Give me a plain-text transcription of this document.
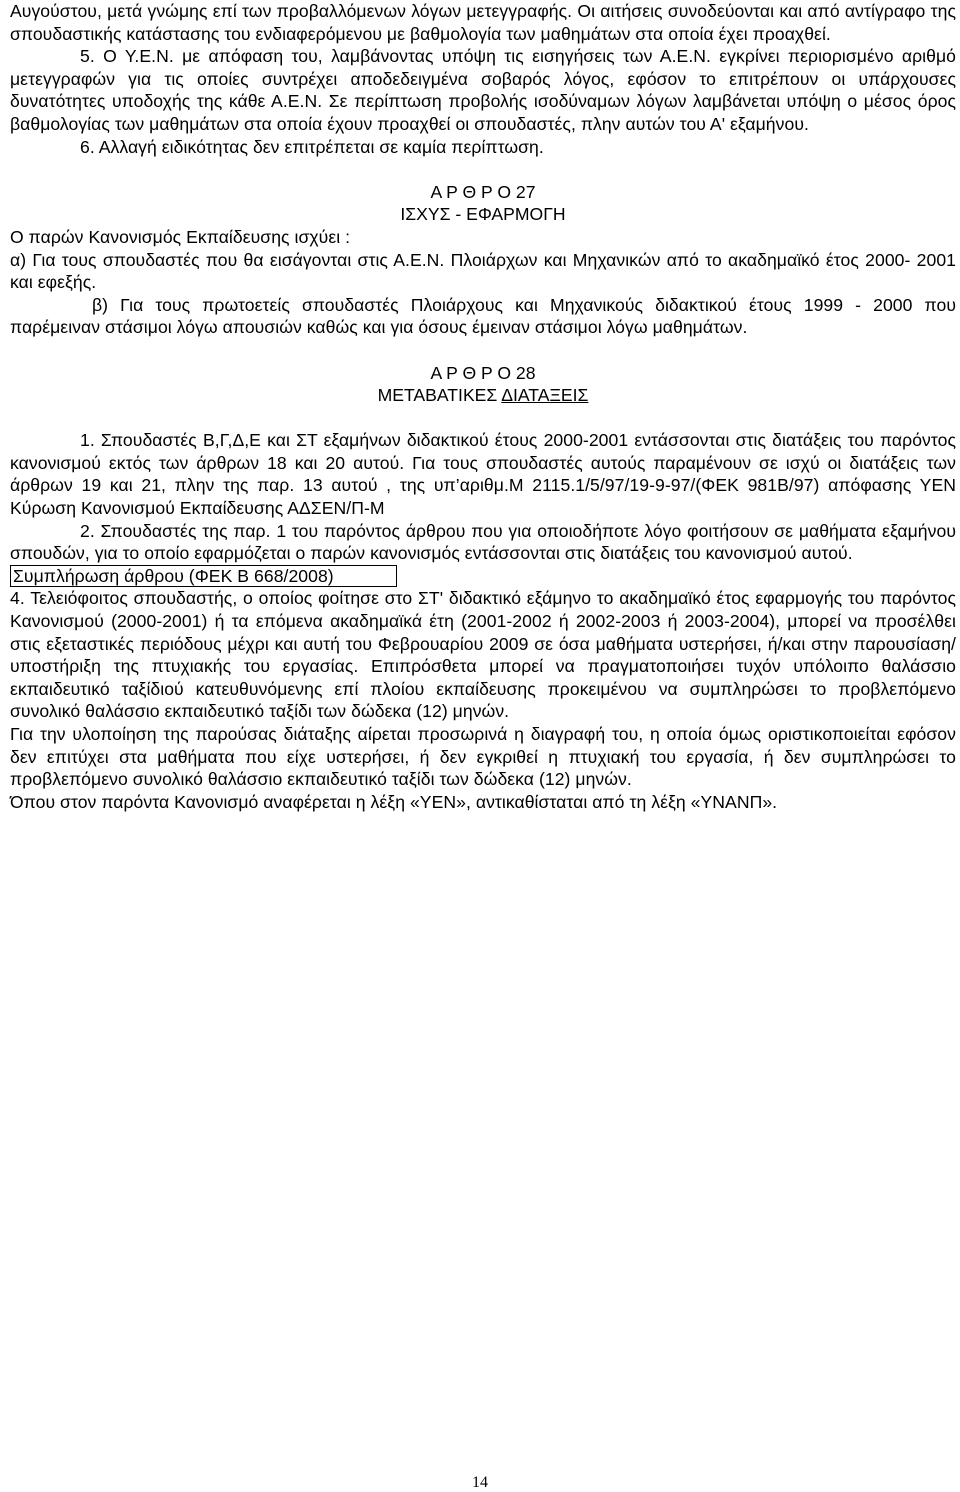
Αυγούστου, μετά γνώμης επί των προβαλλόμενων λόγων μετεγγραφής. Οι αιτήσεις συνοδεύονται και από αντίγραφο της σπουδαστικής κατάστασης του ενδιαφερόμενου με βαθμολογία των μαθημάτων στα οποία έχει προαχθεί.

5. Ο Υ.Ε.Ν. με απόφαση του, λαμβάνοντας υπόψη τις εισηγήσεις των Α.Ε.Ν. εγκρίνει περιορισμένο αριθμό μετεγγραφών για τις οποίες συντρέχει αποδεδειγμένα σοβαρός λόγος, εφόσον το επιτρέπουν οι υπάρχουσες δυνατότητες υποδοχής της κάθε Α.Ε.Ν. Σε περίπτωση προβολής ισοδύναμων λόγων λαμβάνεται υπόψη ο μέσος όρος βαθμολογίας των μαθημάτων στα οποία έχουν προαχθεί οι σπουδαστές, πλην αυτών του Α' εξαμήνου.

6. Αλλαγή ειδικότητας δεν επιτρέπεται σε καμία περίπτωση.

Α Ρ Θ Ρ Ο 27

ΙΣΧΥΣ - ΕΦΑΡΜΟΓΗ

Ο παρών Κανονισμός Εκπαίδευσης ισχύει :

α) Για τους σπουδαστές που θα εισάγονται στις Α.Ε.Ν. Πλοιάρχων και Μηχανικών από το ακαδημαϊκό έτος 2000- 2001 και εφεξής.

β) Για τους πρωτοετείς σπουδαστές Πλοιάρχους και Μηχανικούς διδακτικού έτους 1999 - 2000 που παρέμειναν στάσιμοι λόγω απουσιών καθώς και για όσους έμειναν στάσιμοι λόγω μαθημάτων.

Α Ρ Θ Ρ Ο 28

ΜΕΤΑΒΑΤΙΚΕΣ ΔΙΑΤΑΞΕΙΣ

1. Σπουδαστές Β,Γ,Δ,Ε και ΣΤ εξαμήνων διδακτικού έτους 2000-2001 εντάσσονται στις διατάξεις του παρόντος κανονισμού εκτός των άρθρων 18 και 20 αυτού. Για τους σπουδαστές αυτούς παραμένουν σε ισχύ οι διατάξεις των άρθρων 19 και 21, πλην της παρ. 13 αυτού , της υπ’αριθμ.Μ 2115.1/5/97/19-9-97/(ΦΕΚ 981Β/97) απόφασης ΥΕΝ Κύρωση Κανονισμού Εκπαίδευσης ΑΔΣΕΝ/Π-Μ

2. Σπουδαστές της παρ. 1 του παρόντος άρθρου που για οποιοδήποτε λόγο φοιτήσουν σε μαθήματα εξαμήνου σπουδών, για το οποίο εφαρμόζεται ο παρών κανονισμός εντάσσονται στις διατάξεις του κανονισμού αυτού.

Συμπλήρωση άρθρου (ΦΕΚ Β 668/2008)

4. Τελειόφοιτος σπουδαστής, ο οποίος φοίτησε στο ΣΤ' διδακτικό εξάμηνο το ακαδημαϊκό έτος εφαρμογής του παρόντος Κανονισμού (2000-2001) ή τα επόμενα ακαδημαϊκά έτη (2001-2002 ή 2002-2003 ή 2003-2004), μπορεί να προσέλθει στις εξεταστικές περιόδους μέχρι και αυτή του Φεβρουαρίου 2009 σε όσα μαθήματα υστερήσει, ή/και στην παρουσίαση/υποστήριξη της πτυχιακής του εργασίας. Επιπρόσθετα μπορεί να πραγματοποιήσει τυχόν υπόλοιπο θαλάσσιο εκπαιδευτικό ταξίδιού κατευθυνόμενης επί πλοίου εκπαίδευσης προκειμένου να συμπληρώσει το προβλεπόμενο συνολικό θαλάσσιο εκπαιδευτικό ταξίδι των δώδεκα (12) μηνών.

Για την υλοποίηση της παρούσας διάταξης αίρεται προσωρινά η διαγραφή του, η οποία όμως οριστικοποιείται εφόσον δεν επιτύχει στα μαθήματα που είχε υστερήσει, ή δεν εγκριθεί η πτυχιακή του εργασία, ή δεν συμπληρώσει το προβλεπόμενο συνολικό θαλάσσιο εκπαιδευτικό ταξίδι των δώδεκα (12) μηνών.

Όπου στον παρόντα Κανονισμό αναφέρεται η λέξη «ΥΕΝ», αντικαθίσταται από τη λέξη «ΥΝΑΝΠ».

14
